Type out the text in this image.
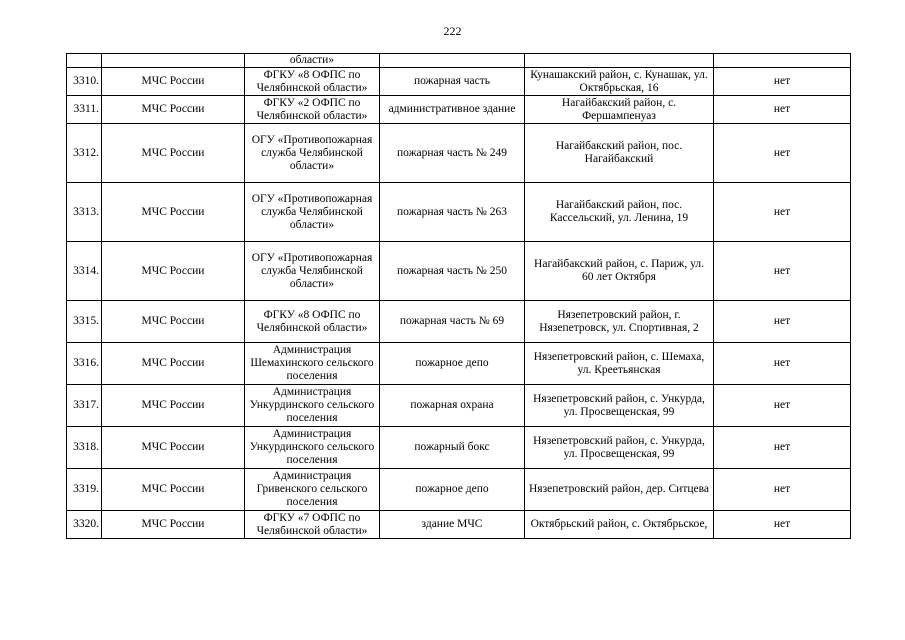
222
		области»			
3310.	МЧС России	ФГКУ «8 ОФПС по Челябинской области»	пожарная часть	Кунашакский район, с. Кунашак, ул. Октябрьская, 16	нет
3311.	МЧС России	ФГКУ «2 ОФПС по Челябинской области»	административное здание	Нагайбакский район, с. Фершампенуаз	нет
3312.	МЧС России	ОГУ «Противопожарная служба Челябинской области»	пожарная часть № 249	Нагайбакский район, пос. Нагайбакский	нет
3313.	МЧС России	ОГУ «Противопожарная служба Челябинской области»	пожарная часть № 263	Нагайбакский район, пос. Кассельский, ул. Ленина, 19	нет
3314.	МЧС России	ОГУ «Противопожарная служба Челябинской области»	пожарная часть № 250	Нагайбакский район, с. Париж, ул. 60 лет Октября	нет
3315.	МЧС России	ФГКУ «8 ОФПС по Челябинской области»	пожарная часть № 69	Нязепетровский район, г. Нязепетровск, ул. Спортивная, 2	нет
3316.	МЧС России	Администрация Шемахинского сельского поселения	пожарное депо	Нязепетровский район, с. Шемаха, ул. Креетьянская	нет
3317.	МЧС России	Администрация Ункурдинского сельского поселения	пожарная охрана	Нязепетровский район, с. Ункурда, ул. Просвещенская, 99	нет
3318.	МЧС России	Администрация Ункурдинского сельского поселения	пожарный бокс	Нязепетровский район, с. Ункурда, ул. Просвещенская, 99	нет
3319.	МЧС России	Администрация Гривенского сельского поселения	пожарное депо	Нязепетровский район, дер. Ситцева	нет
3320.	МЧС России	ФГКУ «7 ОФПС по Челябинской области»	здание МЧС	Октябрьский район, с. Октябрьское,	нет
